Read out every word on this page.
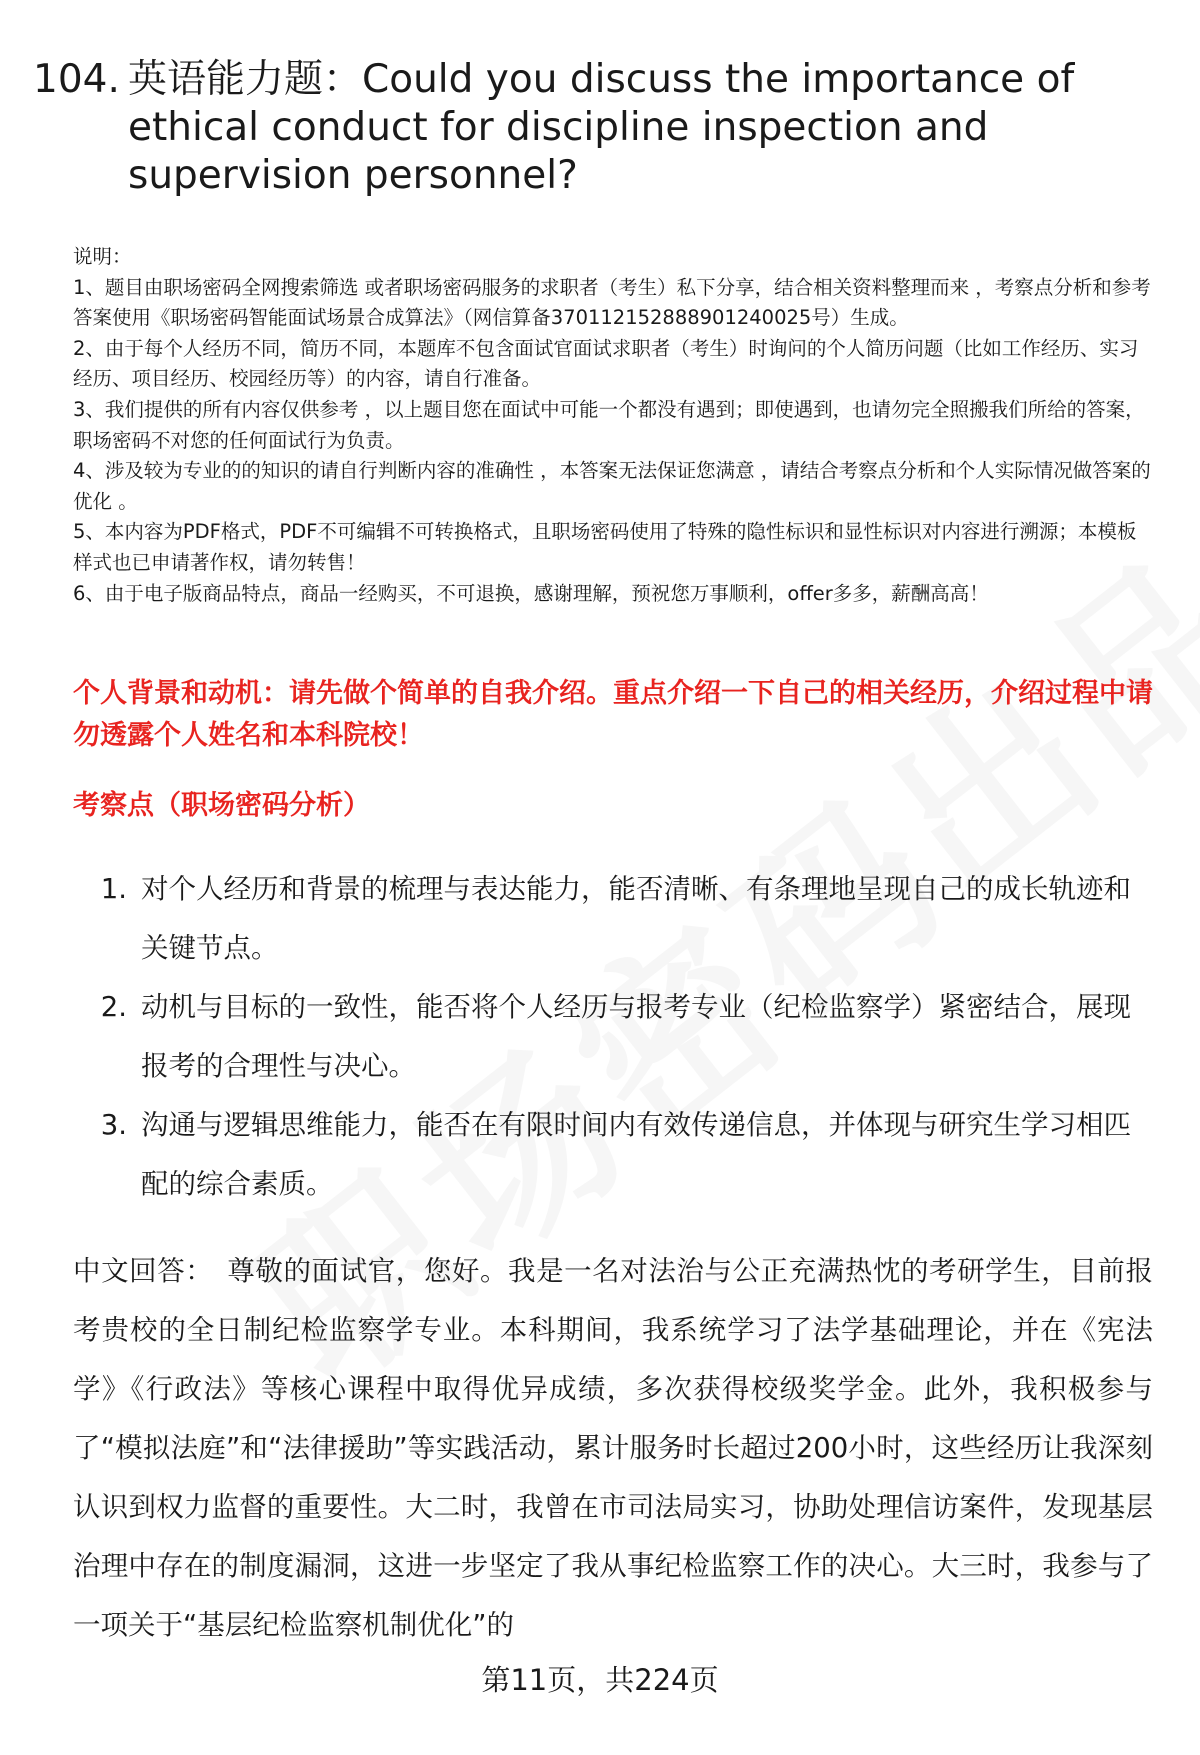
104. 英语能力题：Could you discuss the importance of ethical conduct for discipline inspection and supervision personnel?

说明：

1、题目由职场密码全网搜索筛选 或者职场密码服务的求职者（考生）私下分享，结合相关资料整理而来 ，考察点分析和参考答案使用《职场密码智能面试场景合成算法》（网信算备370112152888901240025号）生成。

2、由于每个人经历不同，简历不同，本题库不包含面试官面试求职者（考生）时询问的个人简历问题（比如工作经历、实习经历、项目经历、校园经历等）的内容，请自行准备。

3、我们提供的所有内容仅供参考 ，以上题目您在面试中可能一个都没有遇到；即使遇到，也请勿完全照搬我们所给的答案，职场密码不对您的任何面试行为负责。

4、涉及较为专业的的知识的请自行判断内容的准确性 ，本答案无法保证您满意 ，请结合考察点分析和个人实际情况做答案的优化 。

5、本内容为PDF格式，PDF不可编辑不可转换格式，且职场密码使用了特殊的隐性标识和显性标识对内容进行溯源；本模板样式也已申请著作权，请勿转售！

6、由于电子版商品特点，商品一经购买，不可退换，感谢理解，预祝您万事顺利，offer多多，薪酬高高！

个人背景和动机：请先做个简单的自我介绍。重点介绍一下自己的相关经历，介绍过程中请勿透露个人姓名和本科院校！

考察点（职场密码分析）

1. 对个人经历和背景的梳理与表达能力，能否清晰、有条理地呈现自己的成长轨迹和关键节点。
2. 动机与目标的一致性，能否将个人经历与报考专业（纪检监察学）紧密结合，展现报考的合理性与决心。
3. 沟通与逻辑思维能力，能否在有限时间内有效传递信息，并体现与研究生学习相匹配的综合素质。

中文回答： 尊敬的面试官，您好。我是一名对法治与公正充满热忱的考研学生，目前报考贵校的全日制纪检监察学专业。本科期间，我系统学习了法学基础理论，并在《宪法学》《行政法》等核心课程中取得优异成绩，多次获得校级奖学金。此外，我积极参与了“模拟法庭”和“法律援助”等实践活动，累计服务时长超过200小时，这些经历让我深刻认识到权力监督的重要性。大二时，我曾在市司法局实习，协助处理信访案件，发现基层治理中存在的制度漏洞，这进一步坚定了我从事纪检监察工作的决心。大三时，我参与了一项关于“基层纪检监察机制优化”的

第11页，共224页
